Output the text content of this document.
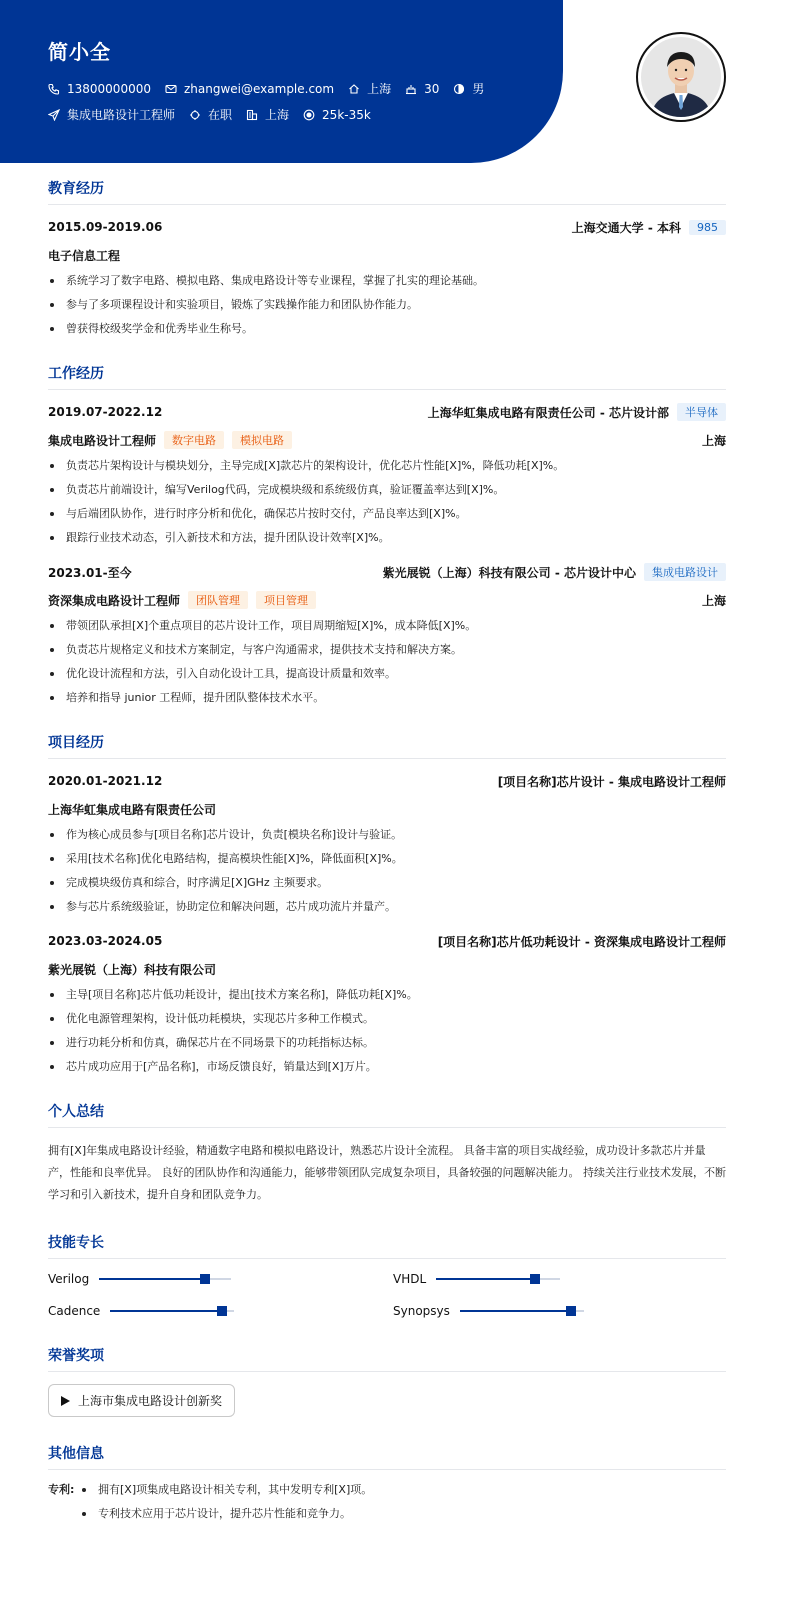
简小全
13800000000	zhangwei@example.com	上海	30	男
集成电路设计工程师	在职	上海	25k-35k
教育经历
2015.09-2019.06	上海交通大学 - 本科	985
电子信息工程
系统学习了数字电路、模拟电路、集成电路设计等专业课程，掌握了扎实的理论基础。
参与了多项课程设计和实验项目，锻炼了实践操作能力和团队协作能力。
曾获得校级奖学金和优秀毕业生称号。
工作经历
2019.07-2022.12	上海华虹集成电路有限责任公司 - 芯片设计部	半导体
集成电路设计工程师	数字电路	模拟电路	上海
负责芯片架构设计与模块划分，主导完成[X]款芯片的架构设计，优化芯片性能[X]%，降低功耗[X]%。
负责芯片前端设计，编写Verilog代码，完成模块级和系统级仿真，验证覆盖率达到[X]%。
与后端团队协作，进行时序分析和优化，确保芯片按时交付，产品良率达到[X]%。
跟踪行业技术动态，引入新技术和方法，提升团队设计效率[X]%。
2023.01-至今	紫光展锐（上海）科技有限公司 - 芯片设计中心	集成电路设计
资深集成电路设计工程师	团队管理	项目管理	上海
带领团队承担[X]个重点项目的芯片设计工作，项目周期缩短[X]%，成本降低[X]%。
负责芯片规格定义和技术方案制定，与客户沟通需求，提供技术支持和解决方案。
优化设计流程和方法，引入自动化设计工具，提高设计质量和效率。
培养和指导 junior 工程师，提升团队整体技术水平。
项目经历
2020.01-2021.12	[项目名称]芯片设计 - 集成电路设计工程师
上海华虹集成电路有限责任公司
作为核心成员参与[项目名称]芯片设计，负责[模块名称]设计与验证。
采用[技术名称]优化电路结构，提高模块性能[X]%，降低面积[X]%。
完成模块级仿真和综合，时序满足[X]GHz 主频要求。
参与芯片系统级验证，协助定位和解决问题，芯片成功流片并量产。
2023.03-2024.05	[项目名称]芯片低功耗设计 - 资深集成电路设计工程师
紫光展锐（上海）科技有限公司
主导[项目名称]芯片低功耗设计，提出[技术方案名称]，降低功耗[X]%。
优化电源管理架构，设计低功耗模块，实现芯片多种工作模式。
进行功耗分析和仿真，确保芯片在不同场景下的功耗指标达标。
芯片成功应用于[产品名称]，市场反馈良好，销量达到[X]万片。
个人总结
拥有[X]年集成电路设计经验，精通数字电路和模拟电路设计，熟悉芯片设计全流程。 具备丰富的项目实战经验，成功设计多款芯片并量产，性能和良率优异。 良好的团队协作和沟通能力，能够带领团队完成复杂项目，具备较强的问题解决能力。 持续关注行业技术发展，不断学习和引入新技术，提升自身和团队竞争力。
技能专长
Verilog	VHDL
Cadence	Synopsys
荣誉奖项
上海市集成电路设计创新奖
其他信息
专利:	拥有[X]项集成电路设计相关专利，其中发明专利[X]项。
专利技术应用于芯片设计，提升芯片性能和竞争力。
